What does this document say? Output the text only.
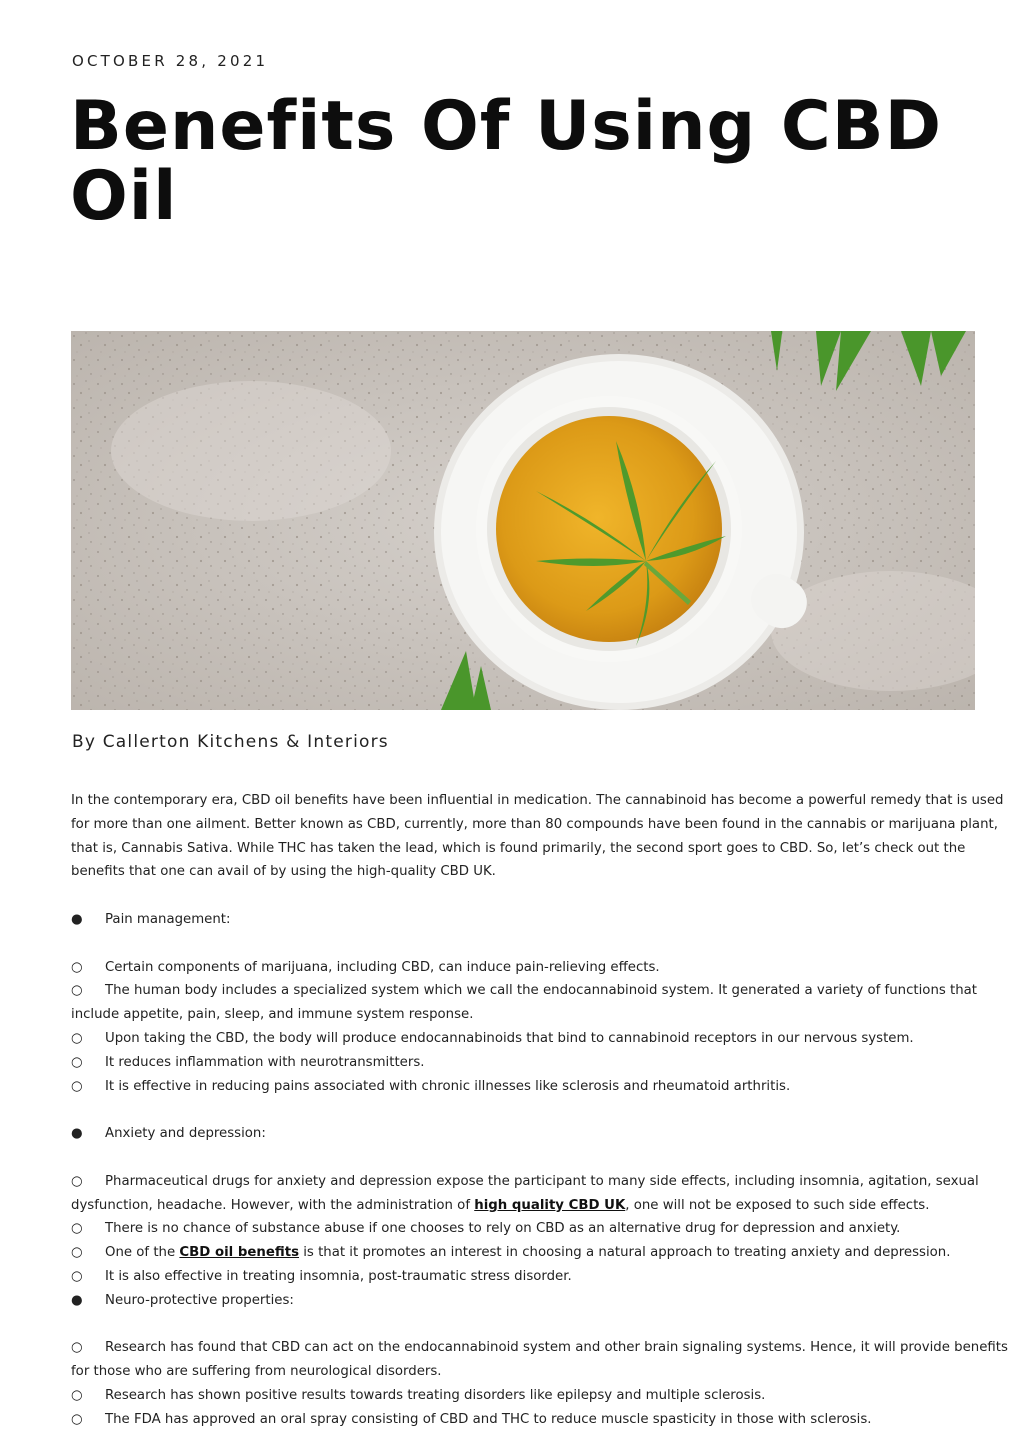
OCTOBER 28, 2021
Benefits Of Using CBD Oil
By Callerton Kitchens & Interiors

In the contemporary era, CBD oil benefits have been influential in medication. The cannabinoid has become a powerful remedy that is used for more than one ailment. Better known as CBD, currently, more than 80 compounds have been found in the cannabis or marijuana plant, that is, Cannabis Sativa. While THC has taken the lead, which is found primarily, the second sport goes to CBD. So, let’s check out the benefits that one can avail of by using the high-quality CBD UK.

● Pain management:

○ Certain components of marijuana, including CBD, can induce pain-relieving effects.

○ The human body includes a specialized system which we call the endocannabinoid system. It generated a variety of functions that include appetite, pain, sleep, and immune system response.

○ Upon taking the CBD, the body will produce endocannabinoids that bind to cannabinoid receptors in our nervous system.

○ It reduces inflammation with neurotransmitters.

○ It is effective in reducing pains associated with chronic illnesses like sclerosis and rheumatoid arthritis.

● Anxiety and depression:

○ Pharmaceutical drugs for anxiety and depression expose the participant to many side effects, including insomnia, agitation, sexual dysfunction, headache. However, with the administration of high quality CBD UK, one will not be exposed to such side effects.

○ There is no chance of substance abuse if one chooses to rely on CBD as an alternative drug for depression and anxiety.

○ One of the CBD oil benefits is that it promotes an interest in choosing a natural approach to treating anxiety and depression.

○ It is also effective in treating insomnia, post-traumatic stress disorder.

● Neuro-protective properties:

○ Research has found that CBD can act on the endocannabinoid system and other brain signaling systems. Hence, it will provide benefits for those who are suffering from neurological disorders.

○ Research has shown positive results towards treating disorders like epilepsy and multiple sclerosis.

○ The FDA has approved an oral spray consisting of CBD and THC to reduce muscle spasticity in those with sclerosis.
